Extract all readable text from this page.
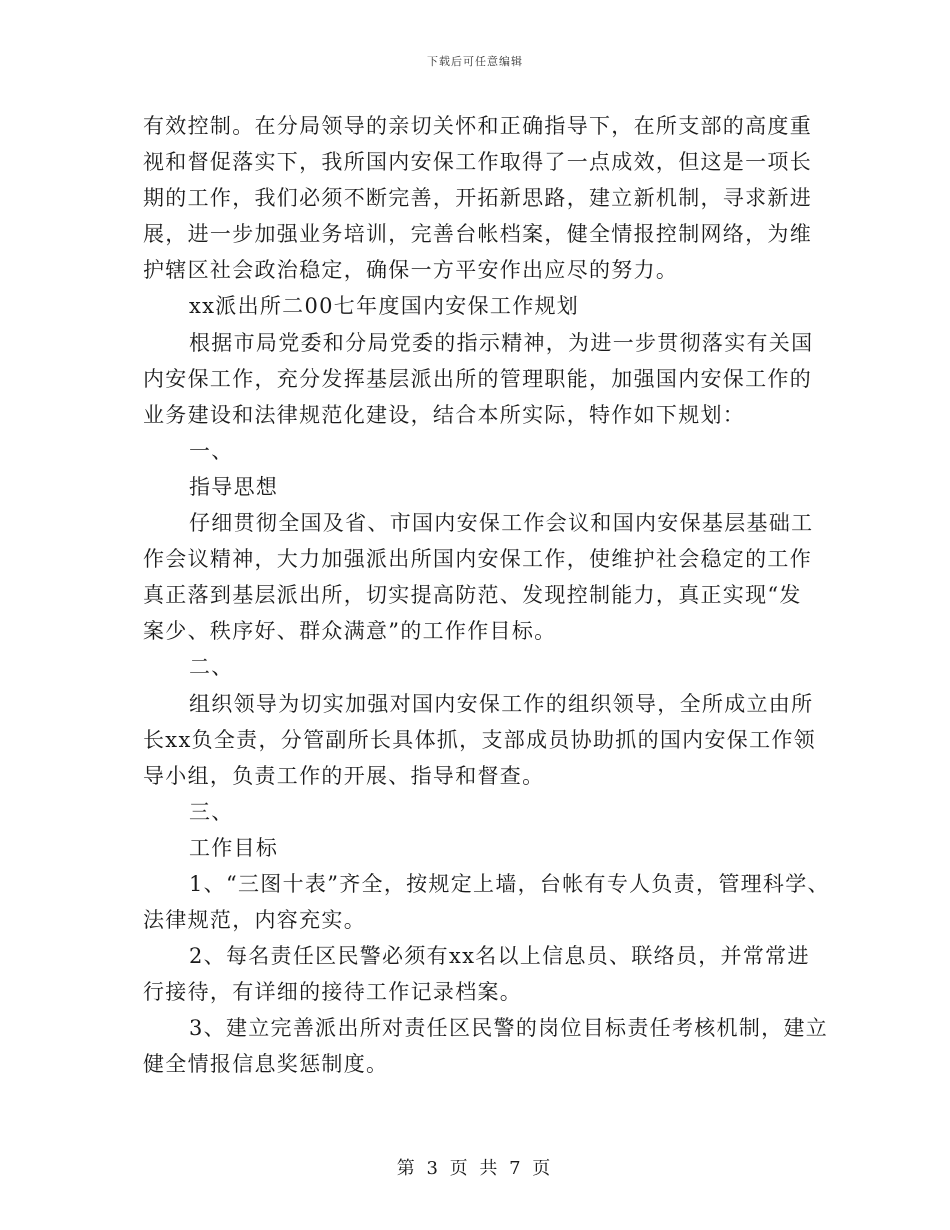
下载后可任意编辑
有效控制。在分局领导的亲切关怀和正确指导下，在所支部的高度重
视和督促落实下，我所国内安保工作取得了一点成效，但这是一项长
期的工作，我们必须不断完善，开拓新思路，建立新机制，寻求新进
展，进一步加强业务培训，完善台帐档案，健全情报控制网络，为维
护辖区社会政治稳定，确保一方平安作出应尽的努力。
xx派出所二00七年度国内安保工作规划
根据市局党委和分局党委的指示精神，为进一步贯彻落实有关国
内安保工作，充分发挥基层派出所的管理职能，加强国内安保工作的
业务建设和法律规范化建设，结合本所实际，特作如下规划：
一、
指导思想
仔细贯彻全国及省、市国内安保工作会议和国内安保基层基础工
作会议精神，大力加强派出所国内安保工作，使维护社会稳定的工作
真正落到基层派出所，切实提高防范、发现控制能力，真正实现“发
案少、秩序好、群众满意”的工作作目标。
二、
组织领导为切实加强对国内安保工作的组织领导，全所成立由所
长xx负全责，分管副所长具体抓，支部成员协助抓的国内安保工作领
导小组，负责工作的开展、指导和督查。
三、
工作目标
1、“三图十表”齐全，按规定上墙，台帐有专人负责，管理科学、
法律规范，内容充实。
2、每名责任区民警必须有xx名以上信息员、联络员，并常常进
行接待，有详细的接待工作记录档案。
3、建立完善派出所对责任区民警的岗位目标责任考核机制，建立
健全情报信息奖惩制度。
第 3 页 共 7 页
